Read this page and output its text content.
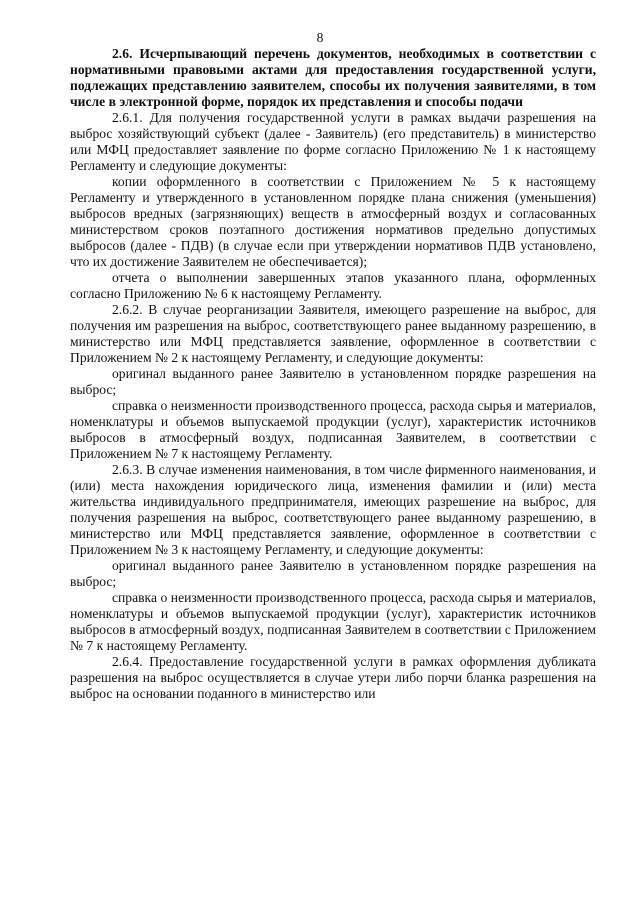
8

2.6. Исчерпывающий перечень документов, необходимых в соответствии с нормативными правовыми актами для предоставления государственной услуги, подлежащих представлению заявителем, способы их получения заявителями, в том числе в электронной форме, порядок их представления и способы подачи

2.6.1. Для получения государственной услуги в рамках выдачи разрешения на выброс хозяйствующий субъект (далее - Заявитель) (его представитель) в министерство или МФЦ предоставляет заявление по форме согласно Приложению № 1 к настоящему Регламенту и следующие документы:

копии оформленного в соответствии с Приложением № 5 к настоящему Регламенту и утвержденного в установленном порядке плана снижения (уменьшения) выбросов вредных (загрязняющих) веществ в атмосферный воздух и согласованных министерством сроков поэтапного достижения нормативов предельно допустимых выбросов (далее - ПДВ) (в случае если при утверждении нормативов ПДВ установлено, что их достижение Заявителем не обеспечивается);

отчета о выполнении завершенных этапов указанного плана, оформленных согласно Приложению № 6 к настоящему Регламенту.

2.6.2. В случае реорганизации Заявителя, имеющего разрешение на выброс, для получения им разрешения на выброс, соответствующего ранее выданному разрешению, в министерство или МФЦ представляется заявление, оформленное в соответствии с Приложением № 2 к настоящему Регламенту, и следующие документы:

оригинал выданного ранее Заявителю в установленном порядке разрешения на выброс;

справка о неизменности производственного процесса, расхода сырья и материалов, номенклатуры и объемов выпускаемой продукции (услуг), характеристик источников выбросов в атмосферный воздух, подписанная Заявителем, в соответствии с Приложением № 7 к настоящему Регламенту.

2.6.3. В случае изменения наименования, в том числе фирменного наименования, и (или) места нахождения юридического лица, изменения фамилии и (или) места жительства индивидуального предпринимателя, имеющих разрешение на выброс, для получения разрешения на выброс, соответствующего ранее выданному разрешению, в министерство или МФЦ представляется заявление, оформленное в соответствии с Приложением № 3 к настоящему Регламенту, и следующие документы:

оригинал выданного ранее Заявителю в установленном порядке разрешения на выброс;

справка о неизменности производственного процесса, расхода сырья и материалов, номенклатуры и объемов выпускаемой продукции (услуг), характеристик источников выбросов в атмосферный воздух, подписанная Заявителем в соответствии с Приложением № 7 к настоящему Регламенту.

2.6.4. Предоставление государственной услуги в рамках оформления дубликата разрешения на выброс осуществляется в случае утери либо порчи бланка разрешения на выброс на основании поданного в министерство или
